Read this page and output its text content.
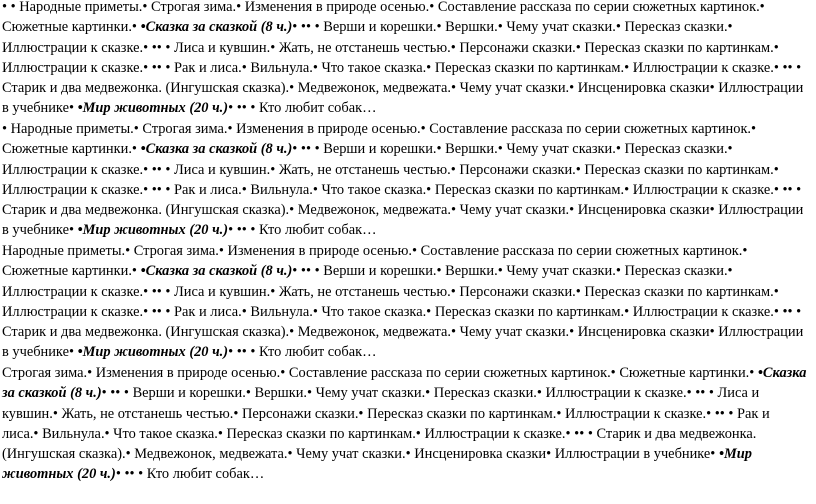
• • Народные приметы.• Строгая зима.• Изменения в природе осенью.• Составление рассказа по серии сюжетных картинок.• Сюжетные картинки.• •Сказка за сказкой (8 ч.)• •• • Верши и корешки.• Вершки.• Чему учат сказки.• Пересказ сказки.• Иллюстрации к сказке.• •• • Лиса и кувшин.• Жать, не отстанешь честью.• Персонажи сказки.• Пересказ сказки по картинкам.• Иллюстрации к сказке.• •• • Рак и лиса.• Вильнула.• Что такое сказка.• Пересказ сказки по картинкам.• Иллюстрации к сказке.• •• • Старик и два медвежонка. (Ингушская сказка).• Медвежонок, медвежата.• Чему учат сказки.• Инсценировка сказки• Иллюстрации в учебнике• •Мир животных (20 ч.)• •• • Кто любит собак…

• Народные приметы.• Строгая зима.• Изменения в природе осенью.• Составление рассказа по серии сюжетных картинок.• Сюжетные картинки.• •Сказка за сказкой (8 ч.)• •• • Верши и корешки.• Вершки.• Чему учат сказки.• Пересказ сказки.• Иллюстрации к сказке.• •• • Лиса и кувшин.• Жать, не отстанешь честью.• Персонажи сказки.• Пересказ сказки по картинкам.• Иллюстрации к сказке.• •• • Рак и лиса.• Вильнула.• Что такое сказка.• Пересказ сказки по картинкам.• Иллюстрации к сказке.• •• • Старик и два медвежонка. (Ингушская сказка).• Медвежонок, медвежата.• Чему учат сказки.• Инсценировка сказки• Иллюстрации в учебнике• •Мир животных (20 ч.)• •• • Кто любит собак…

Народные приметы.• Строгая зима.• Изменения в природе осенью.• Составление рассказа по серии сюжетных картинок.• Сюжетные картинки.• •Сказка за сказкой (8 ч.)• •• • Верши и корешки.• Вершки.• Чему учат сказки.• Пересказ сказки.• Иллюстрации к сказке.• •• • Лиса и кувшин.• Жать, не отстанешь честью.• Персонажи сказки.• Пересказ сказки по картинкам.• Иллюстрации к сказке.• •• • Рак и лиса.• Вильнула.• Что такое сказка.• Пересказ сказки по картинкам.• Иллюстрации к сказке.• •• • Старик и два медвежонка. (Ингушская сказка).• Медвежонок, медвежата.• Чему учат сказки.• Инсценировка сказки• Иллюстрации в учебнике• •Мир животных (20 ч.)• •• • Кто любит собак…

Строгая зима.• Изменения в природе осенью.• Составление рассказа по серии сюжетных картинок.• Сюжетные картинки.• •Сказка за сказкой (8 ч.)• •• • Верши и корешки.• Вершки.• Чему учат сказки.• Пересказ сказки.• Иллюстрации к сказке.• •• • Лиса и кувшин.• Жать, не отстанешь честью.• Персонажи сказки.• Пересказ сказки по картинкам.• Иллюстрации к сказке.• •• • Рак и лиса.• Вильнула.• Что такое сказка.• Пересказ сказки по картинкам.• Иллюстрации к сказке.• •• • Старик и два медвежонка. (Ингушская сказка).• Медвежонок, медвежата.• Чему учат сказки.• Инсценировка сказки• Иллюстрации в учебнике• •Мир животных (20 ч.)• •• • Кто любит собак…
